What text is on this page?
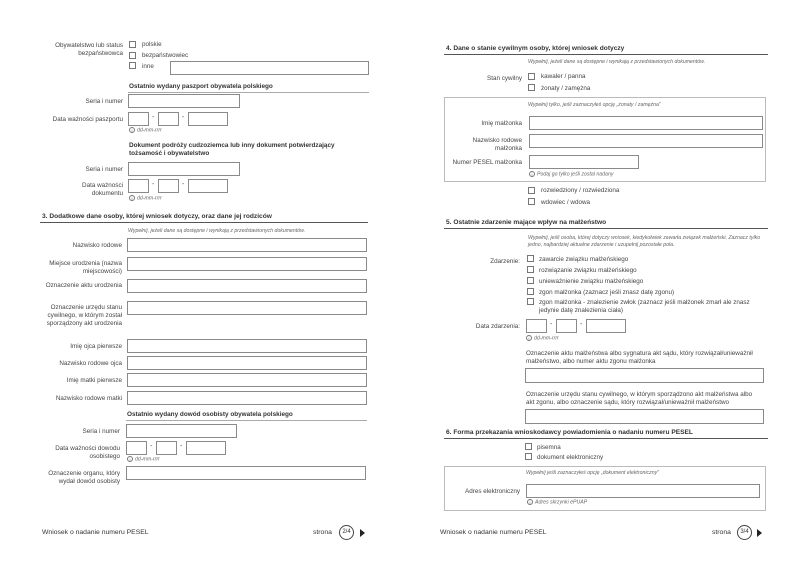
Obywatelstwo lub status bezpaństwowca
polskie
bezpaństwowiec
inne
Ostatnio wydany paszport obywatela polskiego
Seria i numer
Data ważności paszportu	-	-
i dd-mm-rrrr
Dokument podróży cudzoziemca lub inny dokument potwierdzający tożsamość i obywatelstwo
Seria i numer
Data ważności dokumentu
-	-
i dd-mm-rrrr
3. Dodatkowe dane osoby, której wniosek dotyczy, oraz dane jej rodziców
Wypełnij, jeżeli dane są dostępne i wynikają z przedstawionych dokumentów.
Nazwisko rodowe
Miejsce urodzenia (nazwa miejscowości)
Oznaczenie aktu urodzenia
Oznaczenie urzędu stanu cywilnego, w którym został sporządzony akt urodzenia
Imię ojca pierwsze
Nazwisko rodowe ojca
Imię matki pierwsze
Nazwisko rodowe matki
Ostatnio wydany dowód osobisty obywatela polskiego
Seria i numer
Data ważności dowodu osobistego
-	-
i dd-mm-rrrr
Oznaczenie organu, który wydał dowód osobisty
Wniosek o nadanie numeru PESEL	strona	2/4
4. Dane o stanie cywilnym osoby, której wniosek dotyczy
Wypełnij, jeżeli dane są dostępne i wynikają z przedstawionych dokumentów.
Stan cywilny	kawaler / panna
żonaty / zamężna
Wypełnij tylko, jeśli zaznaczyłeś opcję „żonaty / zamężna"
Imię małżonka
Nazwisko rodowe małżonka
Numer PESEL małżonka
i Podaj go tylko jeśli zostal nadany
rozwiedziony / rozwiedziona
wdowiec / wdowa
5. Ostatnie zdarzenie mające wpływ na małżeństwo
Wypełnij, jeśli osoba, której dotyczy wniosek, kiedykolwiek zawarła związek małżeński. Zaznacz tylko jedno, najbardziej aktualne zdarzenie i uzupełnij pozostałe pola.
Zdarzenie:	zawarcie związku małżeńskiego
rozwiązanie związku małżeńskiego
unieważnienie związku małżeńskiego
zgon małżonka (zaznacz jeśli znasz datę zgonu)
zgon małżonka - znalezienie zwłok (zaznacz jeśli małżonek zmarł ale znasz jedynie datę znalezienia ciała)
Data zdarzenia:	-	-
i dd-mm-rrrr
Oznaczenie aktu małżeństwa albo sygnatura akt sądu, który rozwiązał/unieważnił małżeństwo, albo numer aktu zgonu małżonka
Oznaczenie urzędu stanu cywilnego, w którym sporządzono akt małżeństwa albo akt zgonu, albo oznaczenie sądu, który rozwiązał/unieważnił małżeństwo
6. Forma przekazania wnioskodawcy powiadomienia o nadaniu numeru PESEL
pisemna
dokument elektroniczny
Wypełnij jeśli zaznaczyłeś opcję „dokument elektroniczny"
Adres elektroniczny
i Adres skrzynki ePUAP
Wniosek o nadanie numeru PESEL	strona	3/4
